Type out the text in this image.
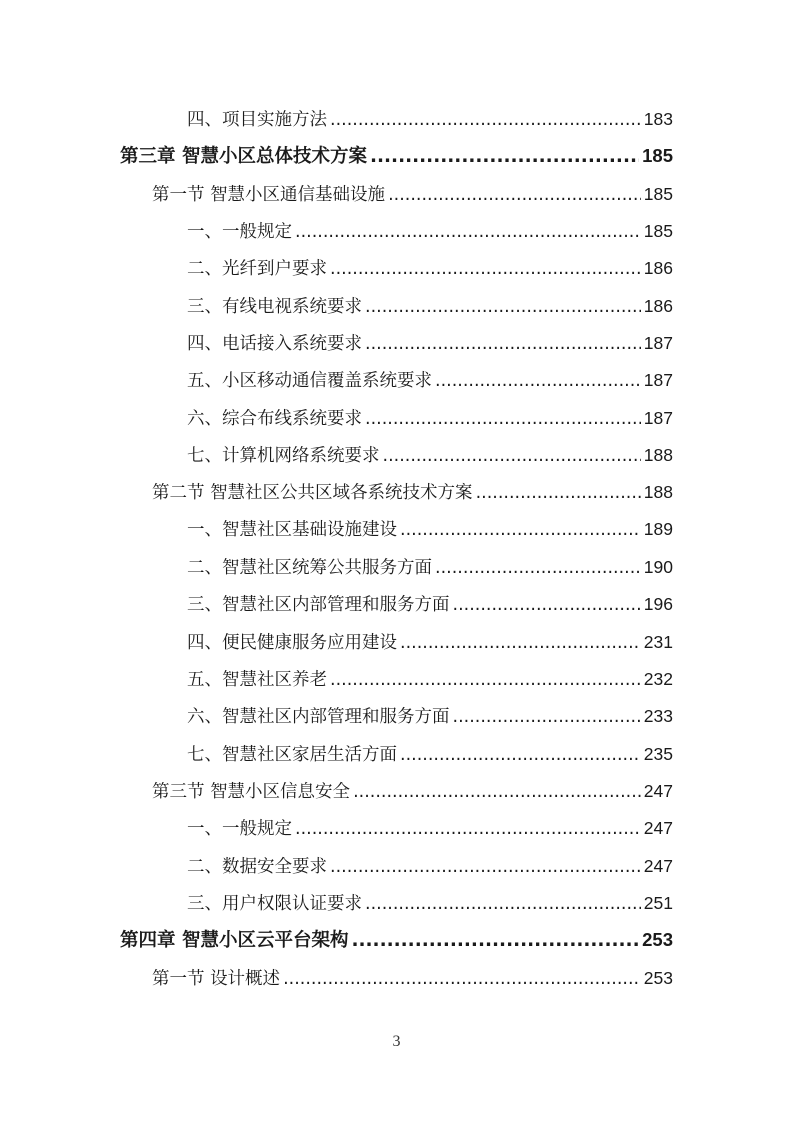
四、项目实施方法 .....	183
第三章 智慧小区总体技术方案 .....	185
第一节 智慧小区通信基础设施 .....	185
一、一般规定 .....	185
二、光纤到户要求 .....	186
三、有线电视系统要求 .....	186
四、电话接入系统要求 .....	187
五、小区移动通信覆盖系统要求 .....	187
六、综合布线系统要求 .....	187
七、计算机网络系统要求 .....	188
第二节 智慧社区公共区域各系统技术方案 .....	188
一、智慧社区基础设施建设 .....	189
二、智慧社区统筹公共服务方面 .....	190
三、智慧社区内部管理和服务方面 .....	196
四、便民健康服务应用建设 .....	231
五、智慧社区养老 .....	232
六、智慧社区内部管理和服务方面 .....	233
七、智慧社区家居生活方面 .....	235
第三节 智慧小区信息安全 .....	247
一、一般规定 .....	247
二、数据安全要求 .....	247
三、用户权限认证要求 .....	251
第四章 智慧小区云平台架构 .....	253
第一节 设计概述 .....	253
3
